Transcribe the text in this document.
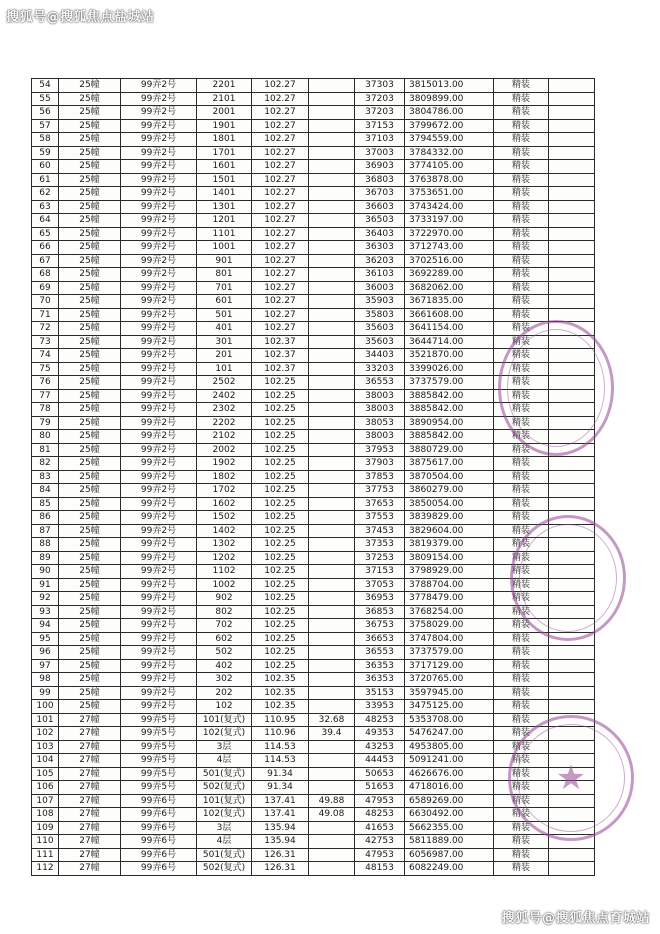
搜狐号@搜狐焦点盐城站
54	25幢	99弄2号	2201	102.27		37303	3815013.00	精装	
55	25幢	99弄2号	2101	102.27		37203	3809899.00	精装	
56	25幢	99弄2号	2001	102.27		37203	3804786.00	精装	
57	25幢	99弄2号	1901	102.27		37153	3799672.00	精装	
58	25幢	99弄2号	1801	102.27		37103	3794559.00	精装	
59	25幢	99弄2号	1701	102.27		37003	3784332.00	精装	
60	25幢	99弄2号	1601	102.27		36903	3774105.00	精装	
61	25幢	99弄2号	1501	102.27		36803	3763878.00	精装	
62	25幢	99弄2号	1401	102.27		36703	3753651.00	精装	
63	25幢	99弄2号	1301	102.27		36603	3743424.00	精装	
64	25幢	99弄2号	1201	102.27		36503	3733197.00	精装	
65	25幢	99弄2号	1101	102.27		36403	3722970.00	精装	
66	25幢	99弄2号	1001	102.27		36303	3712743.00	精装	
67	25幢	99弄2号	901	102.27		36203	3702516.00	精装	
68	25幢	99弄2号	801	102.27		36103	3692289.00	精装	
69	25幢	99弄2号	701	102.27		36003	3682062.00	精装	
70	25幢	99弄2号	601	102.27		35903	3671835.00	精装	
71	25幢	99弄2号	501	102.27		35803	3661608.00	精装	
72	25幢	99弄2号	401	102.27		35603	3641154.00	精装	
73	25幢	99弄2号	301	102.37		35603	3644714.00	精装	
74	25幢	99弄2号	201	102.37		34403	3521870.00	精装	
75	25幢	99弄2号	101	102.37		33203	3399026.00	精装	
76	25幢	99弄2号	2502	102.25		36553	3737579.00	精装	
77	25幢	99弄2号	2402	102.25		38003	3885842.00	精装	
78	25幢	99弄2号	2302	102.25		38003	3885842.00	精装	
79	25幢	99弄2号	2202	102.25		38053	3890954.00	精装	
80	25幢	99弄2号	2102	102.25		38003	3885842.00	精装	
81	25幢	99弄2号	2002	102.25		37953	3880729.00	精装	
82	25幢	99弄2号	1902	102.25		37903	3875617.00	精装	
83	25幢	99弄2号	1802	102.25		37853	3870504.00	精装	
84	25幢	99弄2号	1702	102.25		37753	3860279.00	精装	
85	25幢	99弄2号	1602	102.25		37653	3850054.00	精装	
86	25幢	99弄2号	1502	102.25		37553	3839829.00	精装	
87	25幢	99弄2号	1402	102.25		37453	3829604.00	精装	
88	25幢	99弄2号	1302	102.25		37353	3819379.00	精装	
89	25幢	99弄2号	1202	102.25		37253	3809154.00	精装	
90	25幢	99弄2号	1102	102.25		37153	3798929.00	精装	
91	25幢	99弄2号	1002	102.25		37053	3788704.00	精装	
92	25幢	99弄2号	902	102.25		36953	3778479.00	精装	
93	25幢	99弄2号	802	102.25		36853	3768254.00	精装	
94	25幢	99弄2号	702	102.25		36753	3758029.00	精装	
95	25幢	99弄2号	602	102.25		36653	3747804.00	精装	
96	25幢	99弄2号	502	102.25		36553	3737579.00	精装	
97	25幢	99弄2号	402	102.25		36353	3717129.00	精装	
98	25幢	99弄2号	302	102.35		36353	3720765.00	精装	
99	25幢	99弄2号	202	102.35		35153	3597945.00	精装	
100	25幢	99弄2号	102	102.35		33953	3475125.00	精装	
101	27幢	99弄5号	101(复式)	110.95	32.68	48253	5353708.00	精装	
102	27幢	99弄5号	102(复式)	110.96	39.4	49353	5476247.00	精装	
103	27幢	99弄5号	3层	114.53		43253	4953805.00	精装	
104	27幢	99弄5号	4层	114.53		44453	5091241.00	精装	
105	27幢	99弄5号	501(复式)	91.34		50653	4626676.00	精装	
106	27幢	99弄5号	502(复式)	91.34		51653	4718016.00	精装	
107	27幢	99弄6号	101(复式)	137.41	49.88	47953	6589269.00	精装	
108	27幢	99弄6号	102(复式)	137.41	49.08	48253	6630492.00	精装	
109	27幢	99弄6号	3层	135.94		41653	5662355.00	精装	
110	27幢	99弄6号	4层	135.94		42753	5811889.00	精装	
111	27幢	99弄6号	501(复式)	126.31		47953	6056987.00	精装	
112	27幢	99弄6号	502(复式)	126.31		48153	6082249.00	精装	
★
搜狐号@搜狐焦点育城站
